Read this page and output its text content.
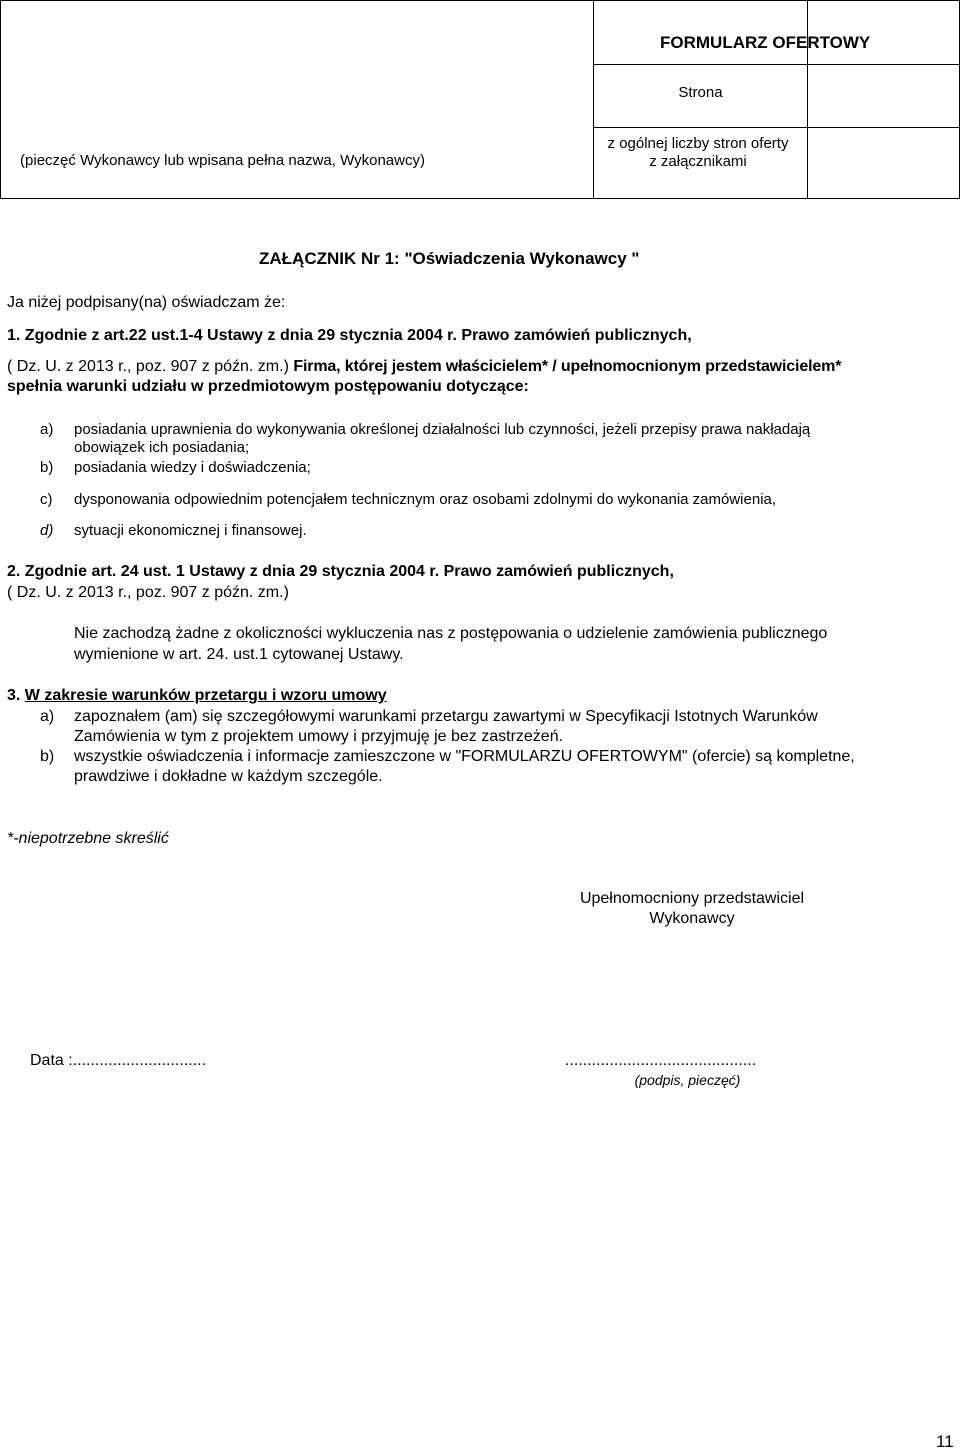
FORMULARZ OFERTOWY
(pieczęć Wykonawcy lub wpisana pełna nazwa, Wykonawcy)
Strona
z ogólnej liczby stron oferty
z załącznikami
ZAŁĄCZNIK Nr 1: "Oświadczenia Wykonawcy "
Ja niżej podpisany(na) oświadczam że:
1. Zgodnie z art.22 ust.1-4 Ustawy z dnia 29 stycznia 2004 r. Prawo zamówień publicznych,
( Dz. U. z 2013 r., poz. 907 z późn. zm.) Firma, której jestem właścicielem* / upełnomocnionym przedstawicielem*
spełnia warunki udziału w przedmiotowym postępowaniu dotyczące:
a) posiadania uprawnienia do wykonywania określonej działalności lub czynności, jeżeli przepisy prawa nakładają
obowiązek ich posiadania;
b) posiadania wiedzy i doświadczenia;
c) dysponowania odpowiednim potencjałem technicznym oraz osobami zdolnymi do wykonania zamówienia,
d) sytuacji ekonomicznej i finansowej.
2. Zgodnie art. 24 ust. 1 Ustawy z dnia 29 stycznia 2004 r. Prawo zamówień publicznych,
( Dz. U. z 2013 r., poz. 907 z późn. zm.)
Nie zachodzą żadne z okoliczności wykluczenia nas z postępowania o udzielenie zamówienia publicznego
wymienione w art. 24. ust.1 cytowanej Ustawy.
3. W zakresie warunków przetargu i wzoru umowy
a) zapoznałem (am) się szczegółowymi warunkami przetargu zawartymi w Specyfikacji Istotnych Warunków
Zamówienia w tym z projektem umowy i przyjmuję je bez zastrzeżeń.
b) wszystkie oświadczenia i informacje zamieszczone w "FORMULARZU OFERTOWYM" (ofercie) są kompletne,
prawdziwe i dokładne w każdym szczególe.
*-niepotrzebne skreślić
Upełnomocniony przedstawiciel
Wykonawcy
Data :..............................	...........................................
(podpis, pieczęć)
11
